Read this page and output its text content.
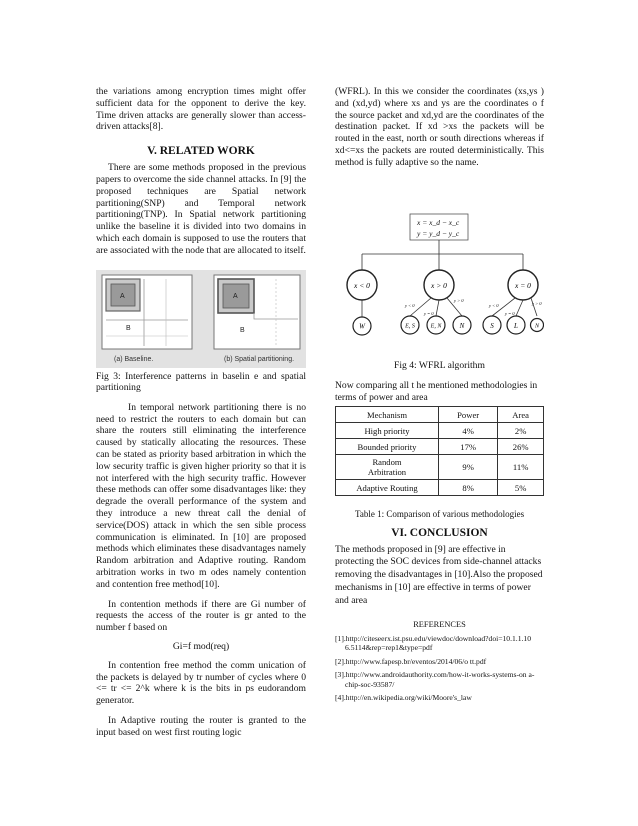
the variations among encryption times might offer sufficient data for the opponent to derive the key. Time driven attacks are generally slower than access-driven attacks[8].

V. RELATED WORK

There are some methods proposed in the previous papers to overcome the side channel attacks. In [9] the proposed techniques are Spatial network partitioning(SNP) and Temporal network partitioning(TNP). In Spatial network partitioning unlike the baseline it is divided into two domains in which each domain is supposed to use the routers that are associated with the node that are allocated to itself.

A
B
A
B
(a) Baseline.	(b) Spatial partitioning.

Fig 3: Interference patterns in baselin e and spatial partitioning

In temporal network partitioning there is no need to restrict the routers to each domain but can share the routers still eliminating the interference caused by statically allocating the resources. These can be stated as priority based arbitration in which the low security traffic is given higher priority so that it is not interfered with the high security traffic. However these methods can offer some disadvantages like: they degrade the overall performance of the system and they introduce a new threat call the denial of service(DOS) attack in which the sen sible process communication is eliminated. In [10] are proposed methods which eliminates these disadvantages namely Random arbitration and Adaptive routing. Random arbitration works in two m odes namely contention and contention free method[10].

In contention methods if there are Gi number of requests the access of the router is gr anted to the number f based on

Gi=f mod(req)

In contention free method the comm unication of the packets is delayed by tr number of cycles where 0 <= tr <= 2^k where k is the bits in ps eudorandom generator.

In Adaptive routing the router is granted to the input based on west first routing logic

(WFRL). In this we consider the coordinates (xs,ys ) and (xd,yd) where xs and ys are the coordinates o f the source packet and xd,yd are the coordinates of the destination packet. If xd >xs the packets will be routed in the east, north or south directions whereas if xd<=xs the packets are routed deterministically. This method is fully adaptive so the name.

x = x_d − x_c
y = y_d − y_c
x < 0	x > 0	x = 0
y < 0
y = 0
y > 0
y < 0
y = 0
y > 0
W	E, S	E, N	N	S	L	N

Fig 4: WFRL algorithm

Now comparing all t he mentioned methodologies in terms of power and area

Mechanism	Power	Area
High priority	4%	2%
Bounded priority	17%	26%
Random Arbitration	9%	11%
Adaptive Routing	8%	5%

Table 1: Comparison of various methodologies

VI. CONCLUSION

The methods proposed in [9] are effective in protecting the SOC devices from side-channel attacks removing the disadvantages in [10].Also the proposed mechanisms in [10] are effective in terms of power and area

REFERENCES

[1].http://citeseerx.ist.psu.edu/viewdoc/download?doi=10.1.1.10 6.5114&rep=rep1&type=pdf

[2].http://www.fapesp.br/eventos/2014/06/o tt.pdf

[3].http://www.androidauthority.com/how-it-works-systems-on a-chip-soc-93587/

[4].http://en.wikipedia.org/wiki/Moore's_law
